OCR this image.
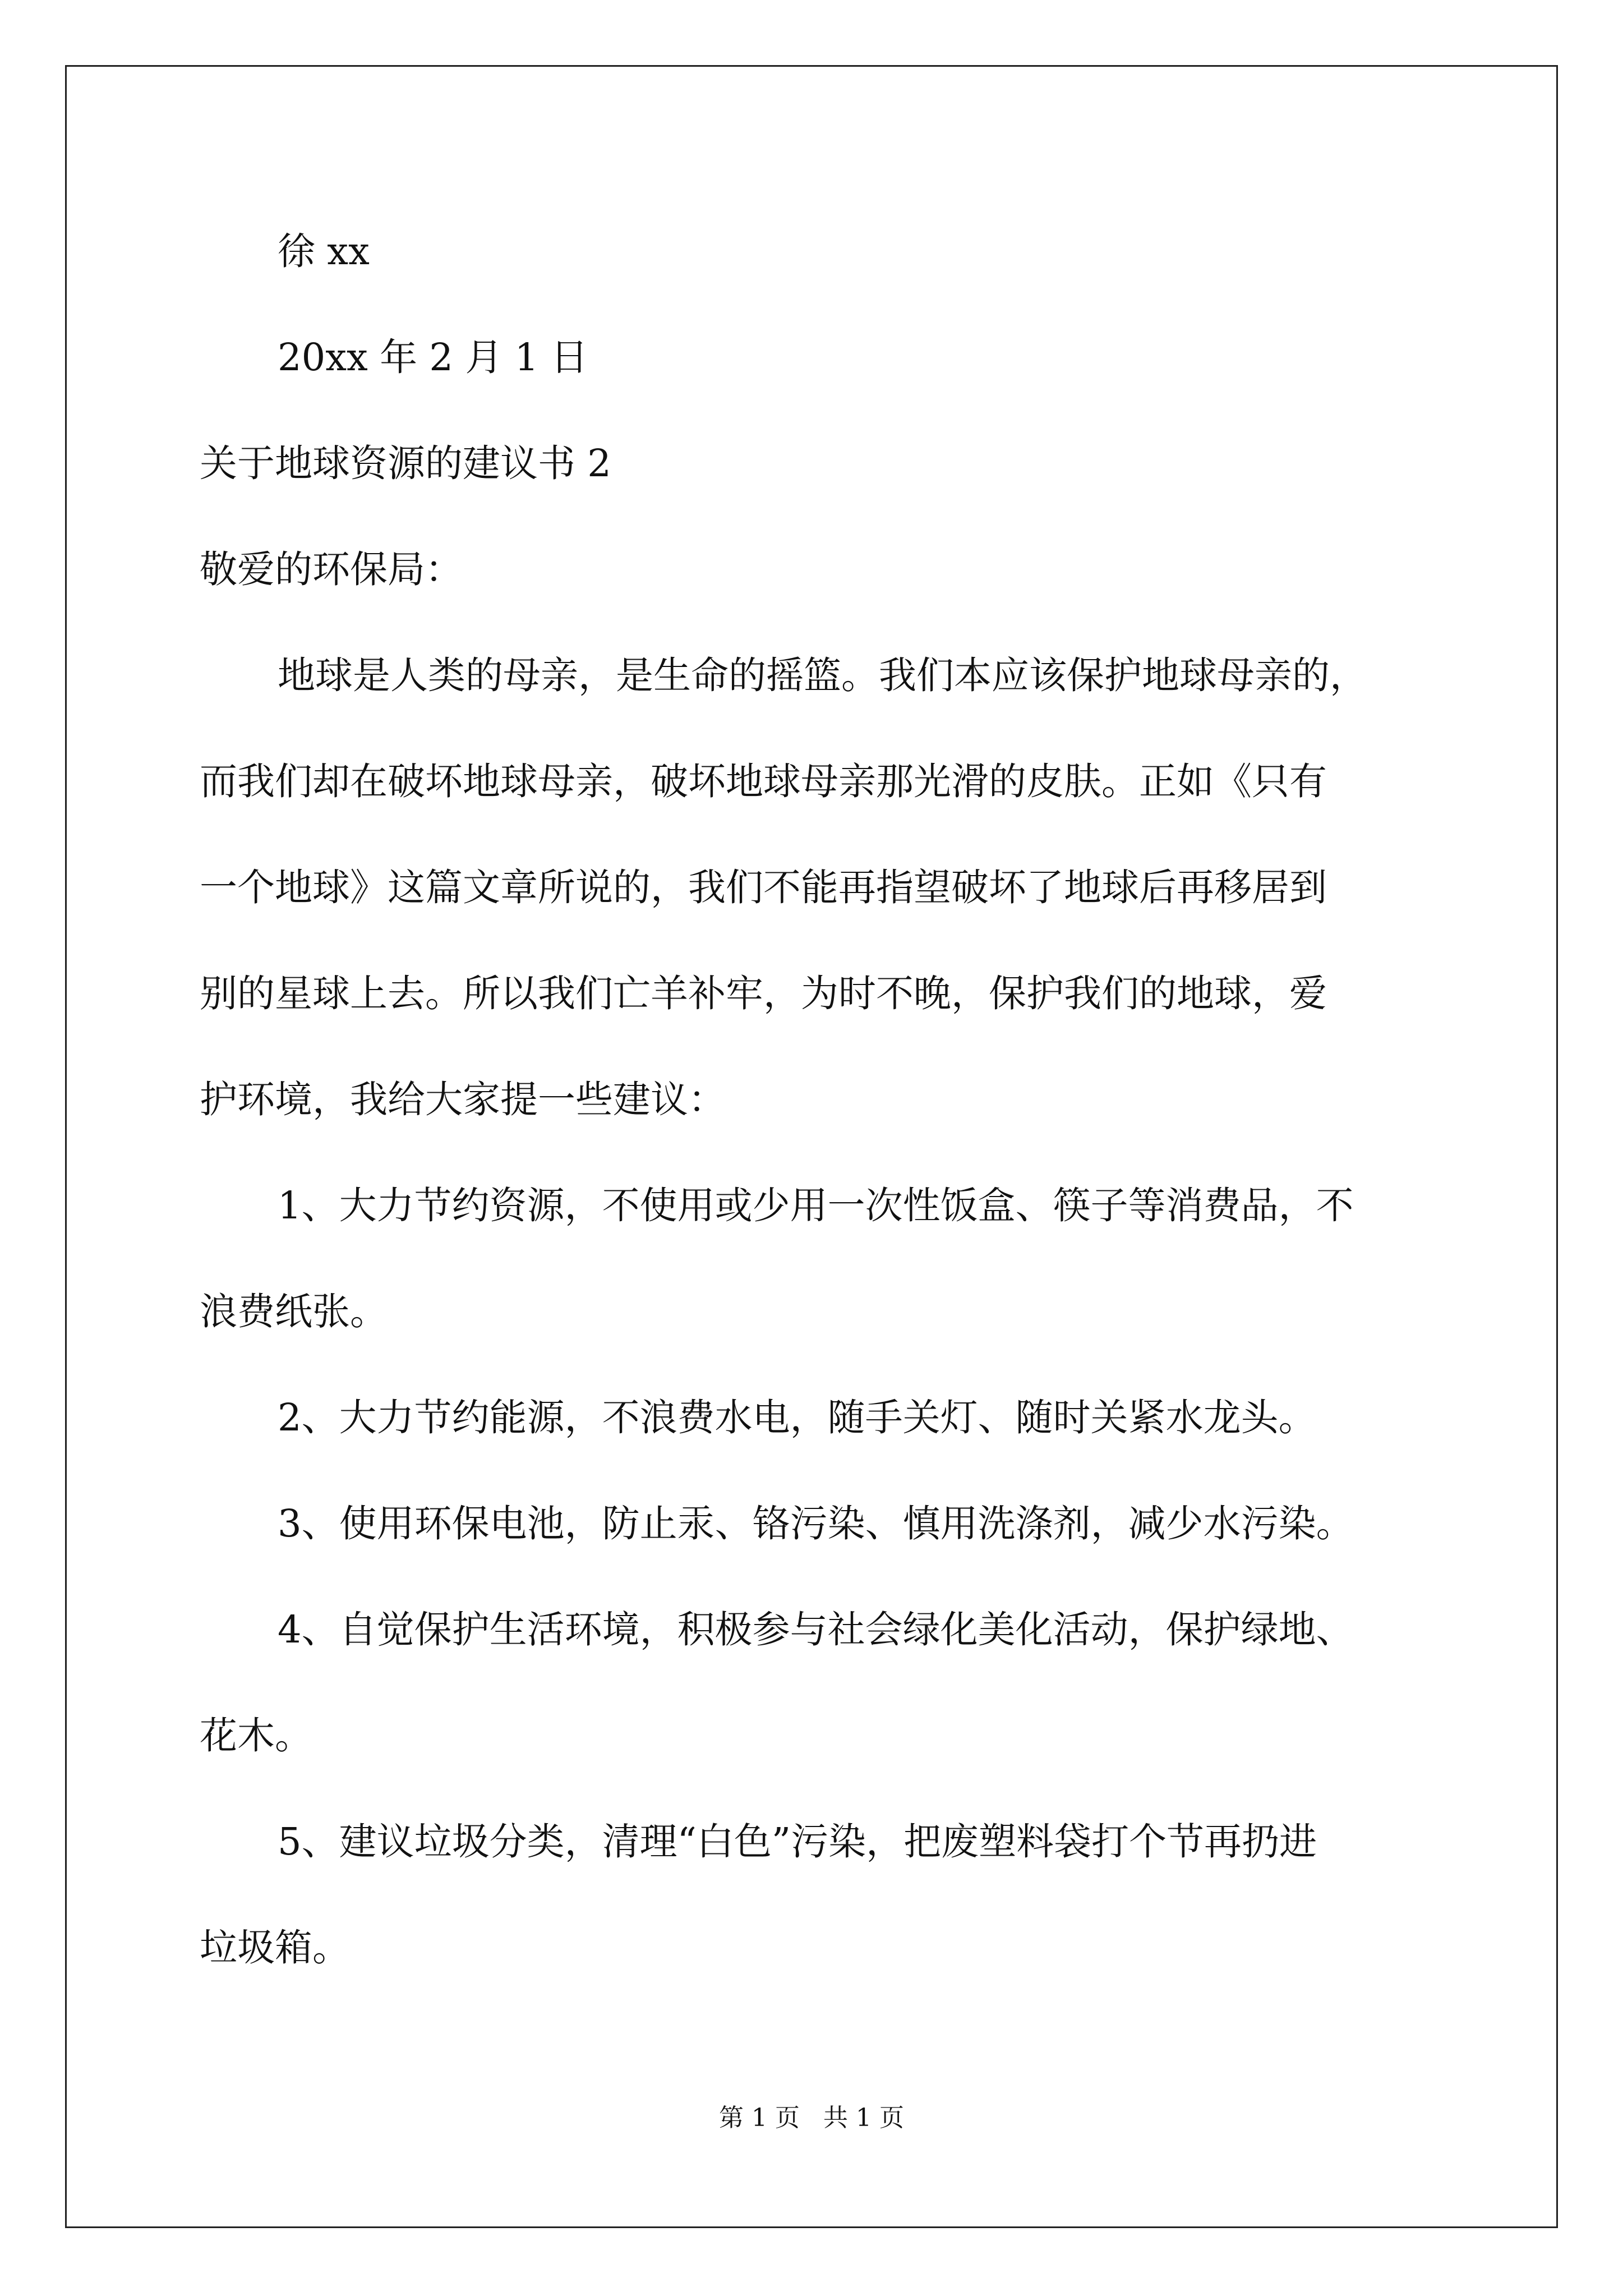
徐 xx
20xx 年 2 月 1 日
关于地球资源的建议书 2
敬爱的环保局：
地球是人类的母亲，是生命的摇篮。我们本应该保护地球母亲的，
而我们却在破坏地球母亲，破坏地球母亲那光滑的皮肤。正如《只有
一个地球》这篇文章所说的，我们不能再指望破坏了地球后再移居到
别的星球上去。所以我们亡羊补牢，为时不晚，保护我们的地球，爱
护环境，我给大家提一些建议：
1、大力节约资源，不使用或少用一次性饭盒、筷子等消费品，不
浪费纸张。
2、大力节约能源，不浪费水电，随手关灯、随时关紧水龙头。
3、使用环保电池，防止汞、铬污染、慎用洗涤剂，减少水污染。
4、自觉保护生活环境，积极参与社会绿化美化活动，保护绿地、
花木。
5、建议垃圾分类，清理“白色”污染，把废塑料袋打个节再扔进
垃圾箱。
第 1 页   共 1 页
